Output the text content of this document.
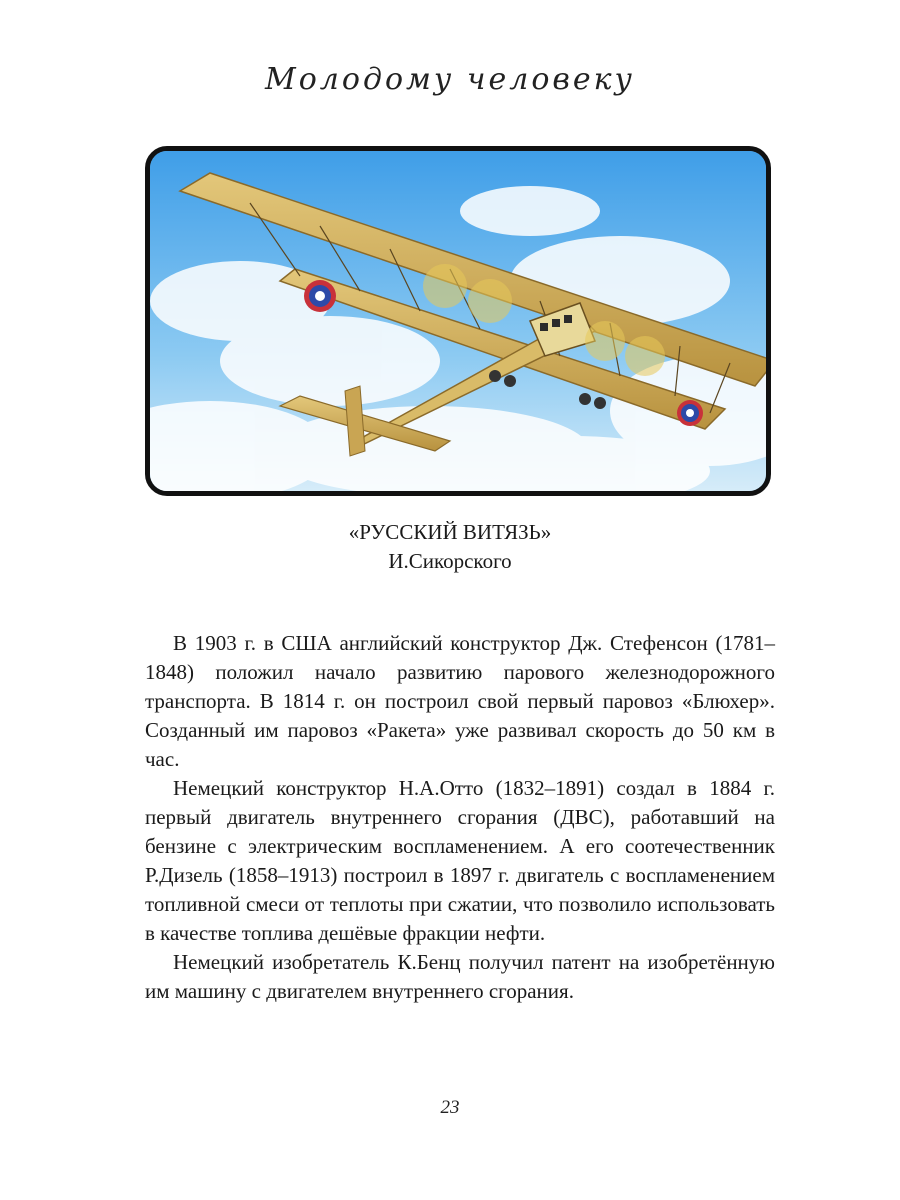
Молодому человеку
«РУССКИЙ ВИТЯЗЬ»
И.Сикорского

В 1903 г. в США английский конструктор Дж. Стефенсон (1781–1848) положил начало развитию парового железнодорожного транспорта. В 1814 г. он построил свой первый паровоз «Блюхер». Созданный им паровоз «Ракета» уже развивал скорость до 50 км в час.

Немецкий конструктор Н.А.Отто (1832–1891) создал в 1884 г. первый двигатель внутреннего сгорания (ДВС), работавший на бензине с электрическим воспламенением. А его соотечественник Р.Дизель (1858–1913) построил в 1897 г. двигатель с воспламенением топливной смеси от теплоты при сжатии, что позволило использовать в качестве топлива дешёвые фракции нефти.

Немецкий изобретатель К.Бенц получил патент на изобретённую им машину с двигателем внутреннего сгорания.

23
